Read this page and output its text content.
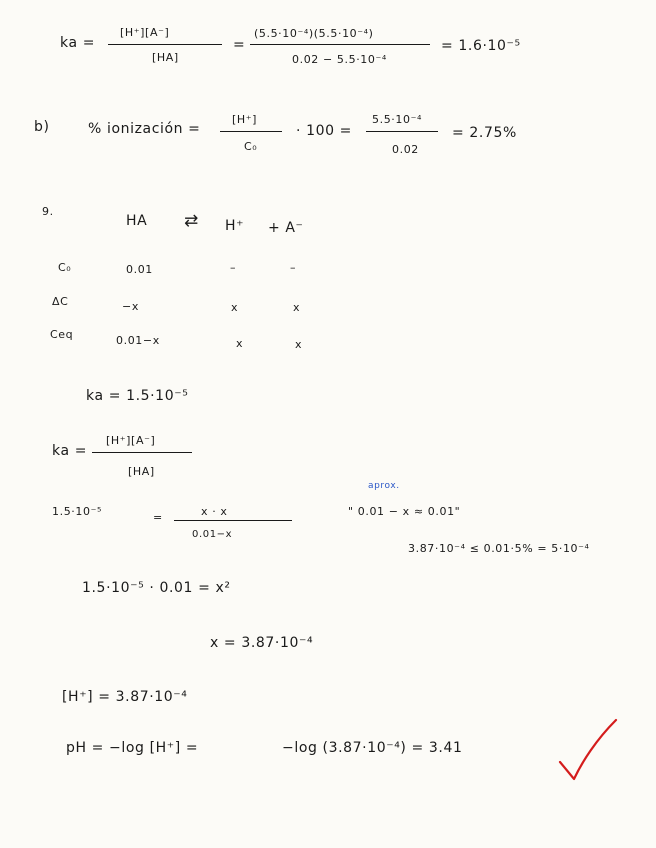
ka =
[H⁺][A⁻]
[HA]
=
(5.5·10⁻⁴)(5.5·10⁻⁴)
0.02 − 5.5·10⁻⁴
= 1.6·10⁻⁵
b)	% ionización =
[H⁺]
C₀
· 100 =
5.5·10⁻⁴
0.02
= 2.75%
9.
HA ⇄ H⁺ + A⁻
C₀	0.01	–	–
ΔC	−x	x	x
Ceq	0.01−x	x	x
ka = 1.5·10⁻⁵
ka =
[H⁺][A⁻]
[HA]
1.5·10⁻⁵	=	x · x
0.01−x
aprox.
" 0.01 − x ≈ 0.01"
3.87·10⁻⁴ ≤ 0.01·5% = 5·10⁻⁴
1.5·10⁻⁵ · 0.01 = x²
x = 3.87·10⁻⁴
[H⁺] = 3.87·10⁻⁴
pH = −log [H⁺] =	−log (3.87·10⁻⁴) = 3.41
